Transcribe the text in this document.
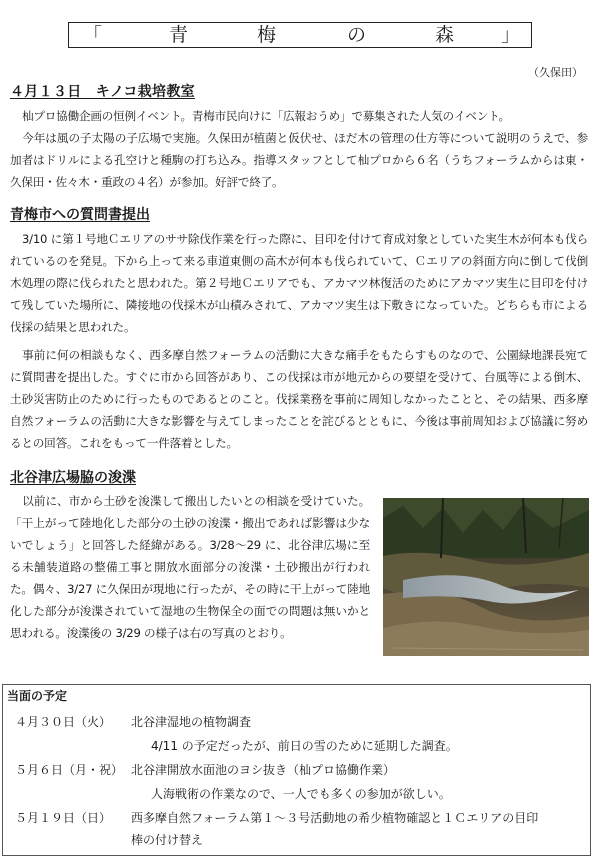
「	青	梅	の	森 」
（久保田）
４月１３日　キノコ栽培教室

杣プロ協働企画の恒例イベント。青梅市民向けに「広報おうめ」で募集された人気のイベント。

今年は風の子太陽の子広場で実施。久保田が植菌と仮伏せ、ほだ木の管理の仕方等について説明のうえで、参加者はドリルによる孔空けと種駒の打ち込み。指導スタッフとして杣プロから６名（うちフォーラムからは東・久保田・佐々木・重政の４名）が参加。好評で終了。

青梅市への質問書提出

3/10 に第１号地Ｃエリアのササ除伐作業を行った際に、目印を付けて育成対象としていた実生木が何本も伐られているのを発見。下から上って来る車道東側の高木が何本も伐られていて、Ｃエリアの斜面方向に倒して伐倒木処理の際に伐られたと思われた。第２号地Ｃエリアでも、アカマツ林復活のためにアカマツ実生に目印を付けて残していた場所に、隣接地の伐採木が山積みされて、アカマツ実生は下敷きになっていた。どちらも市による伐採の結果と思われた。

事前に何の相談もなく、西多摩自然フォーラムの活動に大きな痛手をもたらすものなので、公園緑地課長宛てに質問書を提出した。すぐに市から回答があり、この伐採は市が地元からの要望を受けて、台風等による倒木、土砂災害防止のために行ったものであるとのこと。伐採業務を事前に周知しなかったことと、その結果、西多摩自然フォーラムの活動に大きな影響を与えてしまったことを詫びるとともに、今後は事前周知および協議に努めるとの回答。これをもって一件落着とした。

北谷津広場脇の浚渫

以前に、市から土砂を浚渫して搬出したいとの相談を受けていた。「干上がって陸地化した部分の土砂の浚渫・搬出であれば影響は少ないでしょう」と回答した経緯がある。3/28～29 に、北谷津広場に至る未舗装道路の整備工事と開放水面部分の浚渫・土砂搬出が行われた。偶々、3/27 に久保田が現地に行ったが、その時に干上がって陸地化した部分が浚渫されていて湿地の生物保全の面での問題は無いかと思われる。浚渫後の 3/29 の様子は右の写真のとおり。

当面の予定
４月３０日（火） 北谷津湿地の植物調査
4/11 の予定だったが、前日の雪のために延期した調査。
５月６日（月・祝） 北谷津開放水面池のヨシ抜き（杣プロ協働作業）
人海戦術の作業なので、一人でも多くの参加が欲しい。
５月１９日（日） 西多摩自然フォーラム第１～３号活動地の希少植物確認と１Ｃエリアの目印
棒の付け替え
